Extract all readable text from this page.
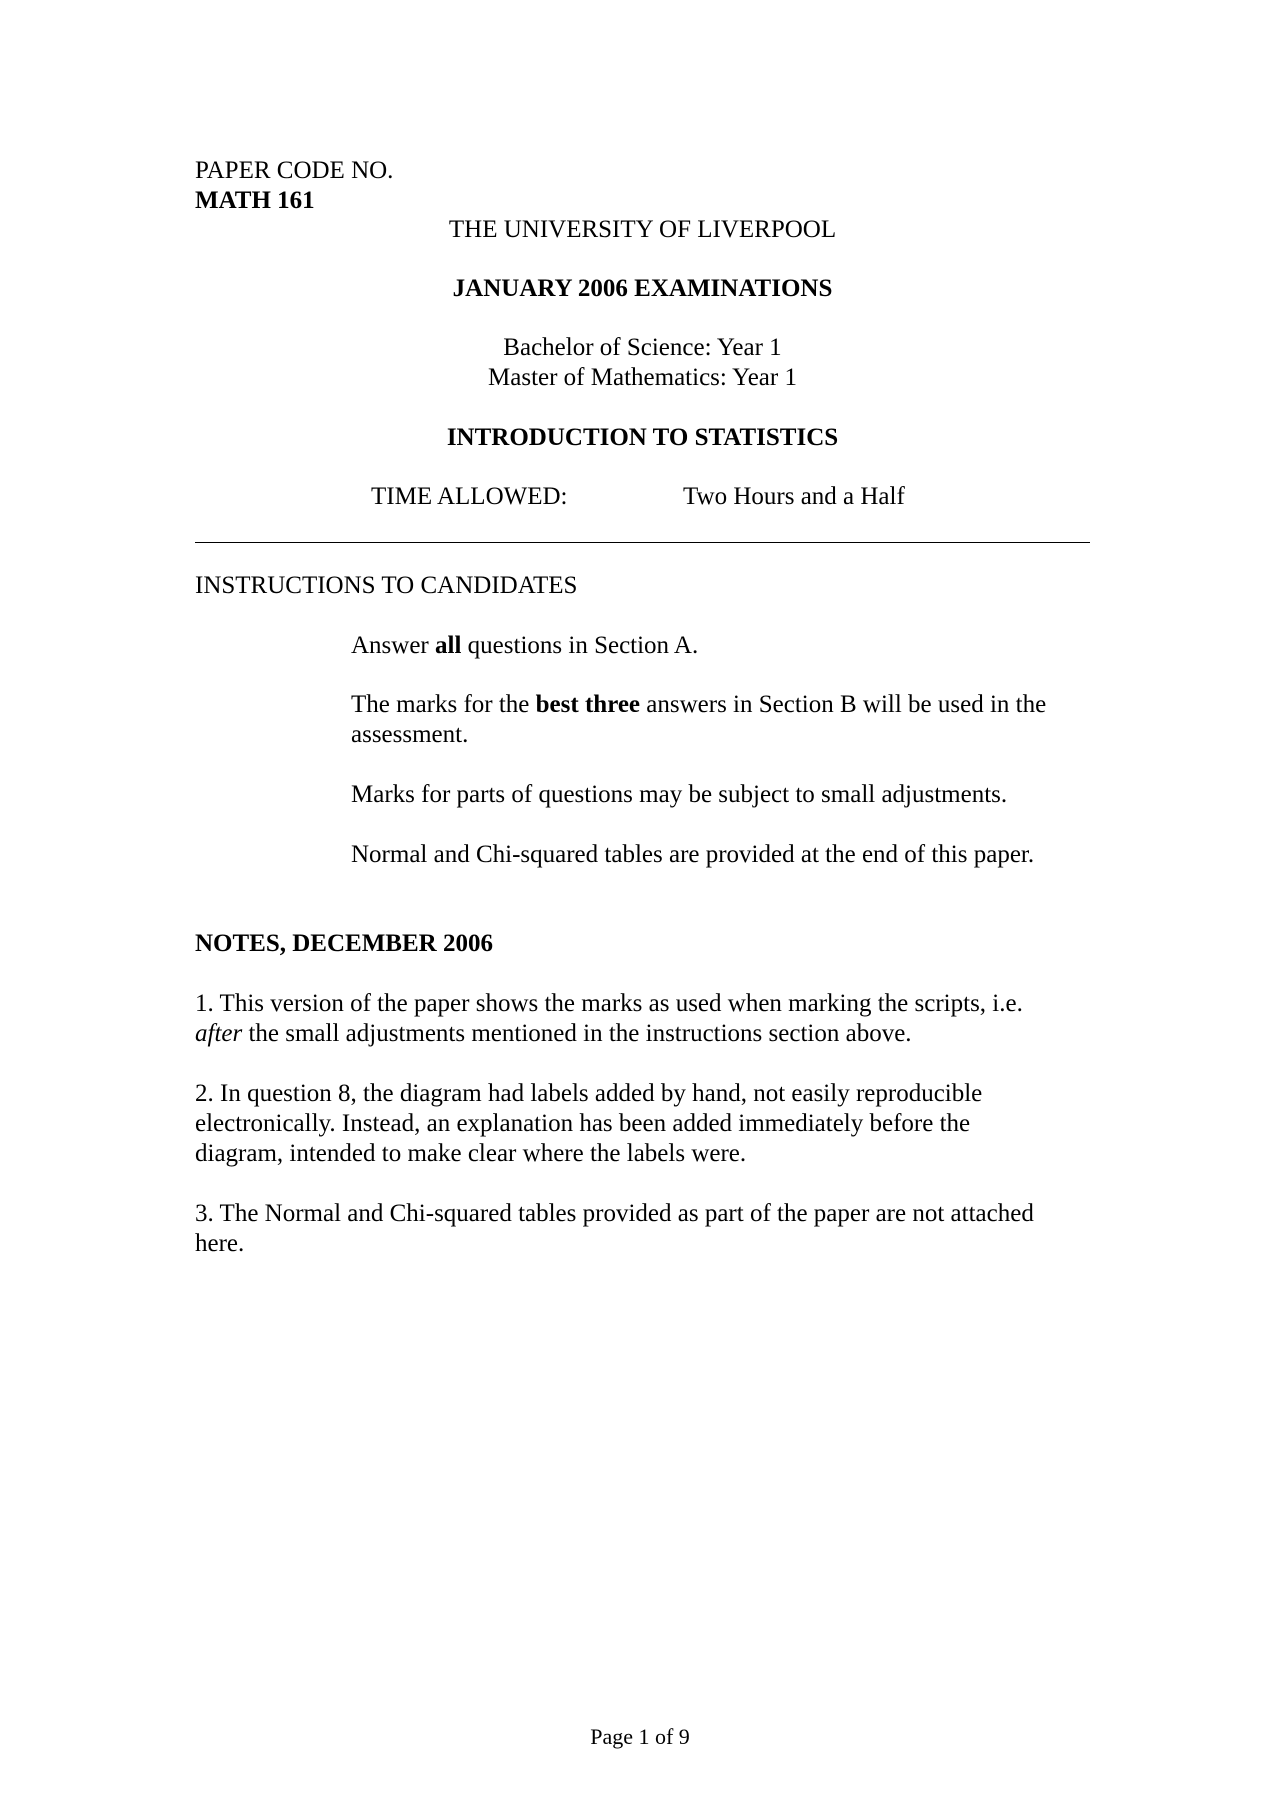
PAPER CODE NO.
MATH 161
THE UNIVERSITY OF LIVERPOOL
JANUARY 2006 EXAMINATIONS
Bachelor of Science: Year 1
Master of Mathematics: Year 1
INTRODUCTION TO STATISTICS
TIME ALLOWED:	Two Hours and a Half
INSTRUCTIONS TO CANDIDATES
Answer all questions in Section A.
The marks for the best three answers in Section B will be used in the
assessment.
Marks for parts of questions may be subject to small adjustments.
Normal and Chi-squared tables are provided at the end of this paper.
NOTES, DECEMBER 2006
1. This version of the paper shows the marks as used when marking the scripts, i.e.
after the small adjustments mentioned in the instructions section above.
2. In question 8, the diagram had labels added by hand, not easily reproducible
electronically. Instead, an explanation has been added immediately before the
diagram, intended to make clear where the labels were.
3. The Normal and Chi-squared tables provided as part of the paper are not attached
here.
Page 1 of 9
